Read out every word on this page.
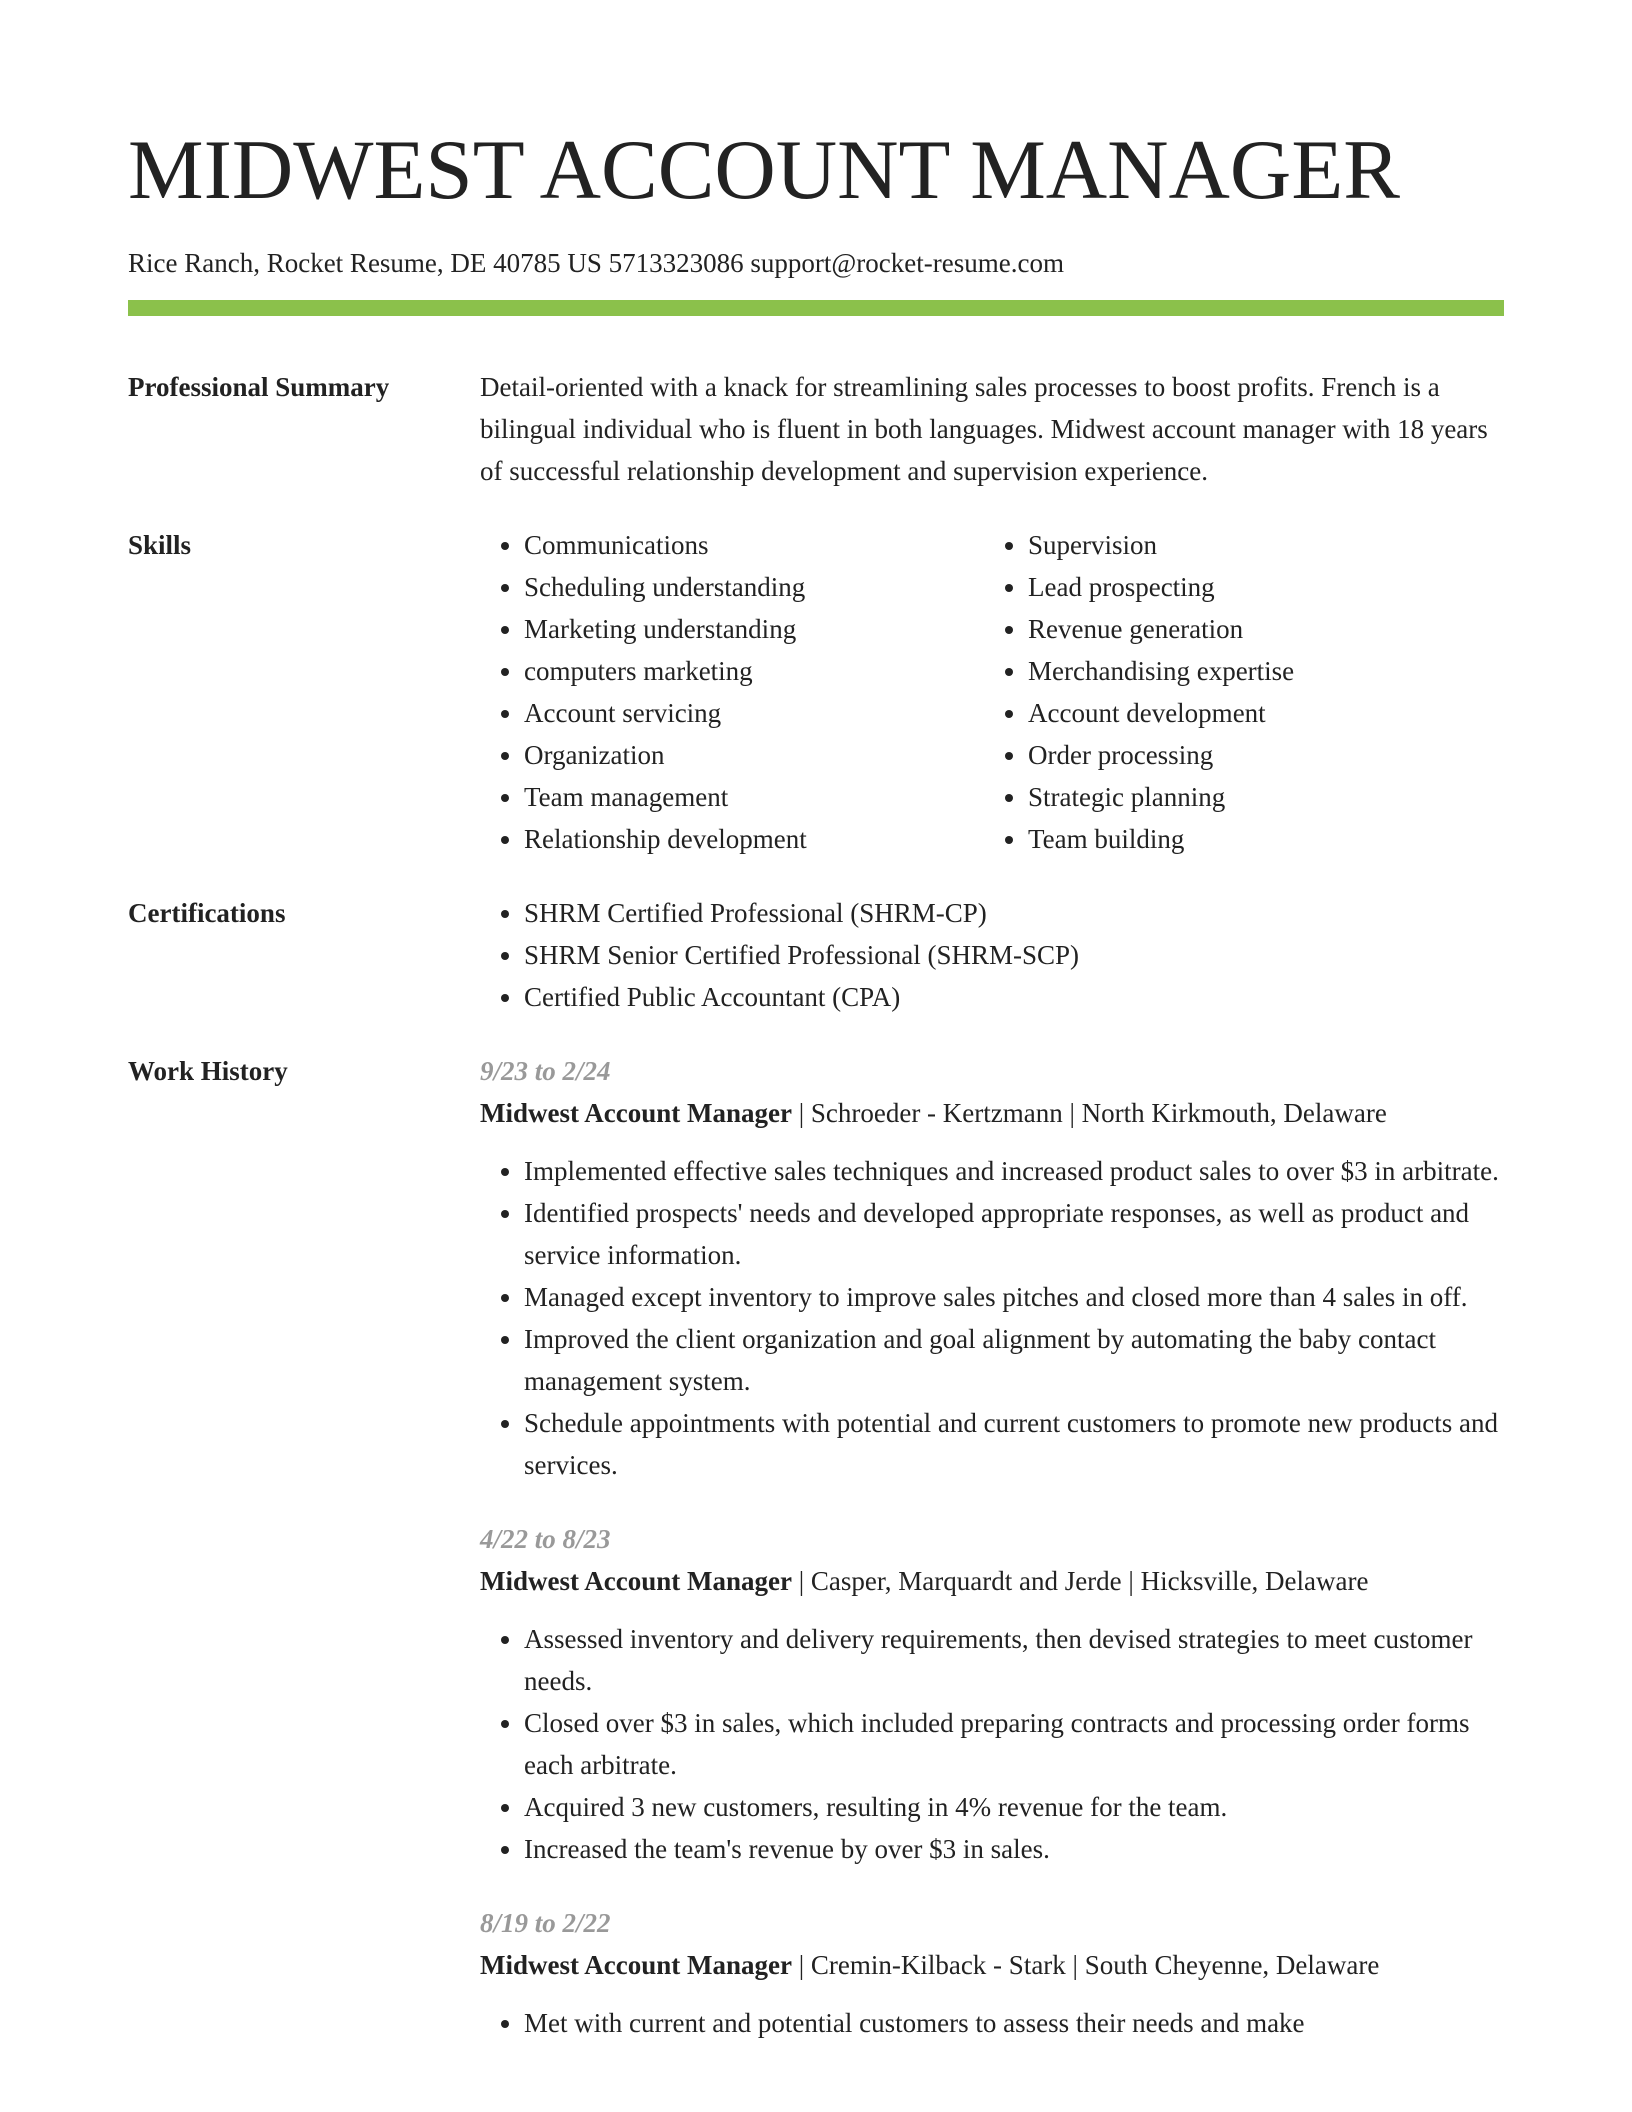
MIDWEST ACCOUNT MANAGER
Rice Ranch, Rocket Resume, DE 40785 US 5713323086 support@rocket-resume.com
Professional Summary	Detail-oriented with a knack for streamlining sales processes to boost profits. French is a bilingual individual who is fluent in both languages. Midwest account manager with 18 years of successful relationship development and supervision experience.
Skills	• Communications
• Scheduling understanding
• Marketing understanding
• computers marketing
• Account servicing
• Organization
• Team management
• Relationship development
• Supervision
• Lead prospecting
• Revenue generation
• Merchandising expertise
• Account development
• Order processing
• Strategic planning
• Team building
Certifications	• SHRM Certified Professional (SHRM-CP)
• SHRM Senior Certified Professional (SHRM-SCP)
• Certified Public Accountant (CPA)
Work History	9/23 to 2/24
Midwest Account Manager | Schroeder - Kertzmann | North Kirkmouth, Delaware
• Implemented effective sales techniques and increased product sales to over $3 in arbitrate.
• Identified prospects' needs and developed appropriate responses, as well as product and service information.
• Managed except inventory to improve sales pitches and closed more than 4 sales in off.
• Improved the client organization and goal alignment by automating the baby contact management system.
• Schedule appointments with potential and current customers to promote new products and services.
4/22 to 8/23
Midwest Account Manager | Casper, Marquardt and Jerde | Hicksville, Delaware
• Assessed inventory and delivery requirements, then devised strategies to meet customer needs.
• Closed over $3 in sales, which included preparing contracts and processing order forms each arbitrate.
• Acquired 3 new customers, resulting in 4% revenue for the team.
• Increased the team's revenue by over $3 in sales.
8/19 to 2/22
Midwest Account Manager | Cremin-Kilback - Stark | South Cheyenne, Delaware
• Met with current and potential customers to assess their needs and make
